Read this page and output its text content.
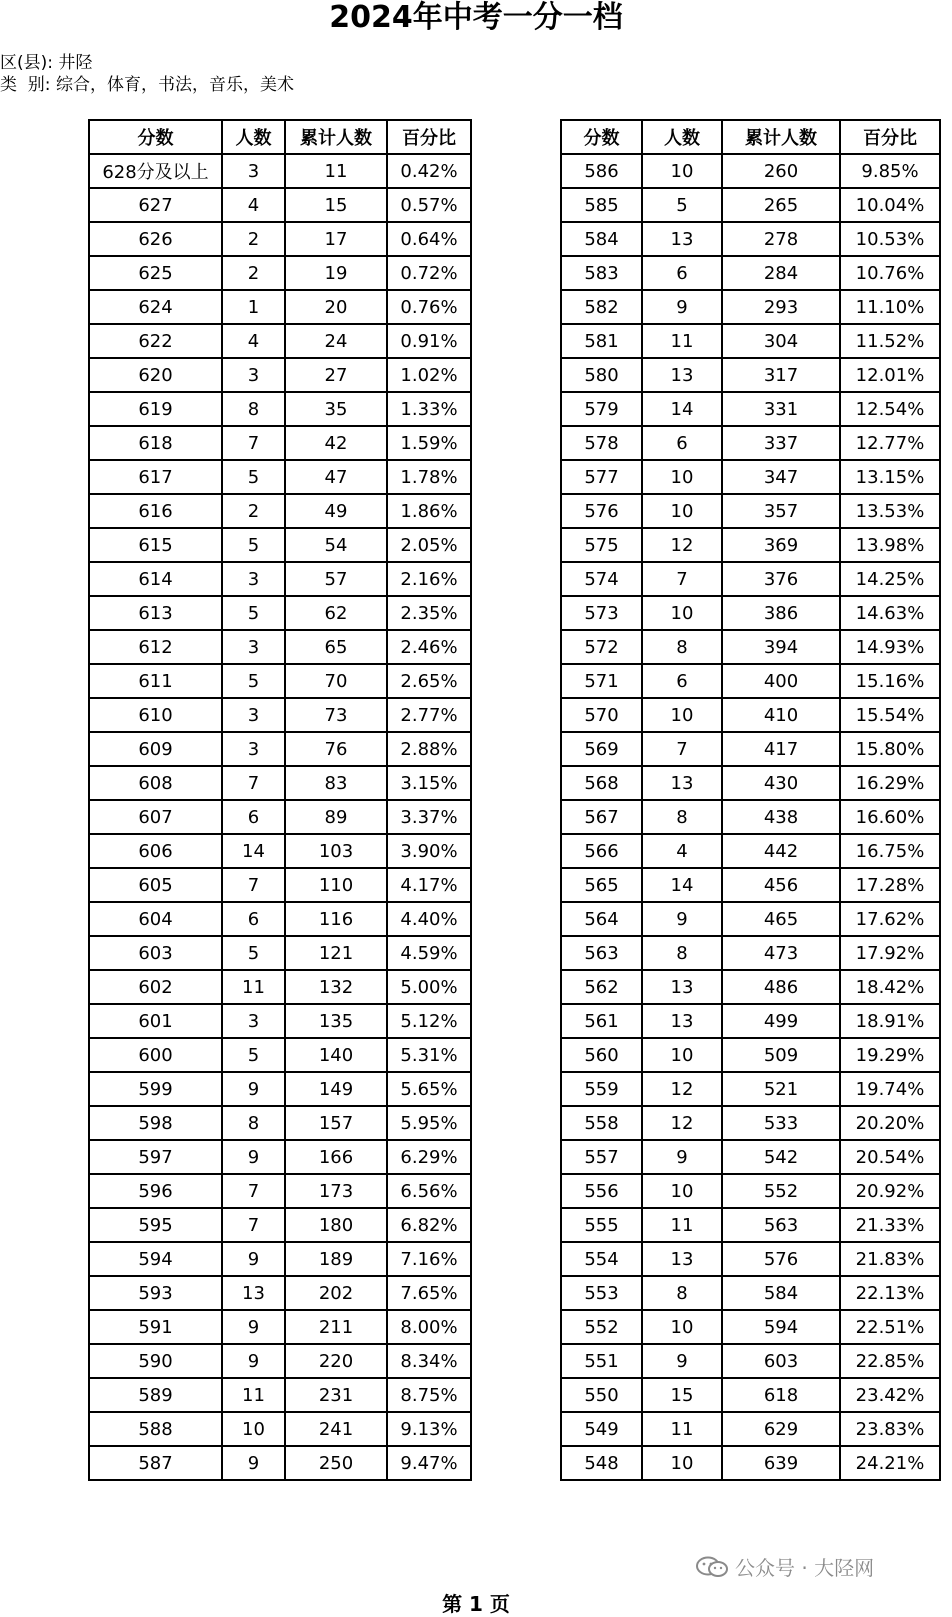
2024年中考一分一档
区(县): 井陉
类  别: 综合，体育，书法，音乐，美术
分数	人数	累计人数	百分比
628分及以上	3	11	0.42%
627	4	15	0.57%
626	2	17	0.64%
625	2	19	0.72%
624	1	20	0.76%
622	4	24	0.91%
620	3	27	1.02%
619	8	35	1.33%
618	7	42	1.59%
617	5	47	1.78%
616	2	49	1.86%
615	5	54	2.05%
614	3	57	2.16%
613	5	62	2.35%
612	3	65	2.46%
611	5	70	2.65%
610	3	73	2.77%
609	3	76	2.88%
608	7	83	3.15%
607	6	89	3.37%
606	14	103	3.90%
605	7	110	4.17%
604	6	116	4.40%
603	5	121	4.59%
602	11	132	5.00%
601	3	135	5.12%
600	5	140	5.31%
599	9	149	5.65%
598	8	157	5.95%
597	9	166	6.29%
596	7	173	6.56%
595	7	180	6.82%
594	9	189	7.16%
593	13	202	7.65%
591	9	211	8.00%
590	9	220	8.34%
589	11	231	8.75%
588	10	241	9.13%
587	9	250	9.47%
分数	人数	累计人数	百分比
586	10	260	9.85%
585	5	265	10.04%
584	13	278	10.53%
583	6	284	10.76%
582	9	293	11.10%
581	11	304	11.52%
580	13	317	12.01%
579	14	331	12.54%
578	6	337	12.77%
577	10	347	13.15%
576	10	357	13.53%
575	12	369	13.98%
574	7	376	14.25%
573	10	386	14.63%
572	8	394	14.93%
571	6	400	15.16%
570	10	410	15.54%
569	7	417	15.80%
568	13	430	16.29%
567	8	438	16.60%
566	4	442	16.75%
565	14	456	17.28%
564	9	465	17.62%
563	8	473	17.92%
562	13	486	18.42%
561	13	499	18.91%
560	10	509	19.29%
559	12	521	19.74%
558	12	533	20.20%
557	9	542	20.54%
556	10	552	20.92%
555	11	563	21.33%
554	13	576	21.83%
553	8	584	22.13%
552	10	594	22.51%
551	9	603	22.85%
550	15	618	23.42%
549	11	629	23.83%
548	10	639	24.21%
公众号 · 大陉网
第 1 页
